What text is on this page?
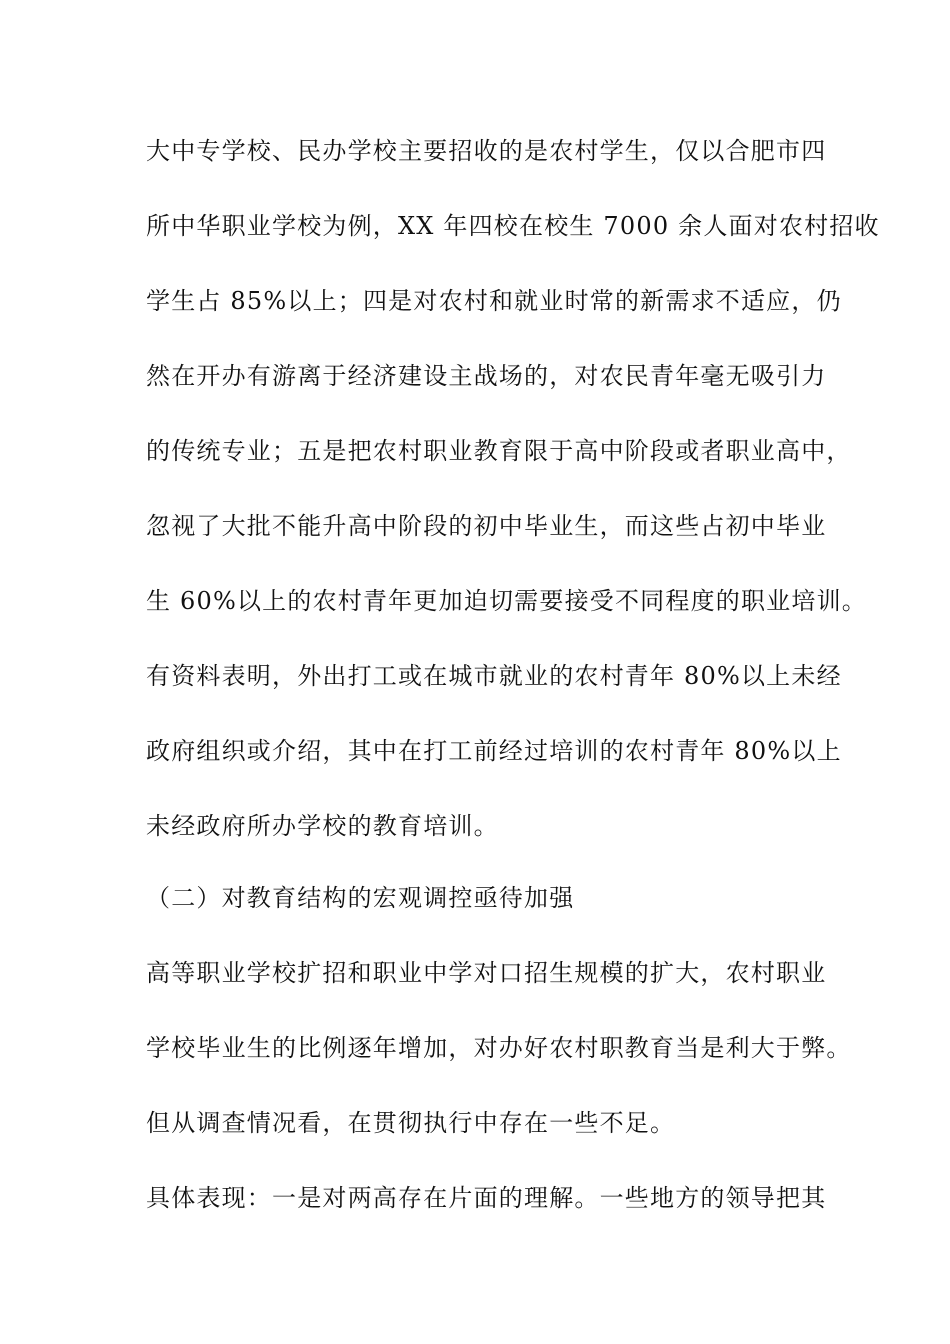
大中专学校、民办学校主要招收的是农村学生，仅以合肥市四
所中华职业学校为例，XX 年四校在校生 7000 余人面对农村招收
学生占 85%以上；四是对农村和就业时常的新需求不适应，仍
然在开办有游离于经济建设主战场的，对农民青年毫无吸引力
的传统专业；五是把农村职业教育限于高中阶段或者职业高中，
忽视了大批不能升高中阶段的初中毕业生，而这些占初中毕业
生 60%以上的农村青年更加迫切需要接受不同程度的职业培训。
有资料表明，外出打工或在城市就业的农村青年 80%以上未经
政府组织或介绍，其中在打工前经过培训的农村青年 80%以上
未经政府所办学校的教育培训。
（二）对教育结构的宏观调控亟待加强
高等职业学校扩招和职业中学对口招生规模的扩大，农村职业
学校毕业生的比例逐年增加，对办好农村职教育当是利大于弊。
但从调查情况看，在贯彻执行中存在一些不足。
具体表现：一是对两高存在片面的理解。一些地方的领导把其
